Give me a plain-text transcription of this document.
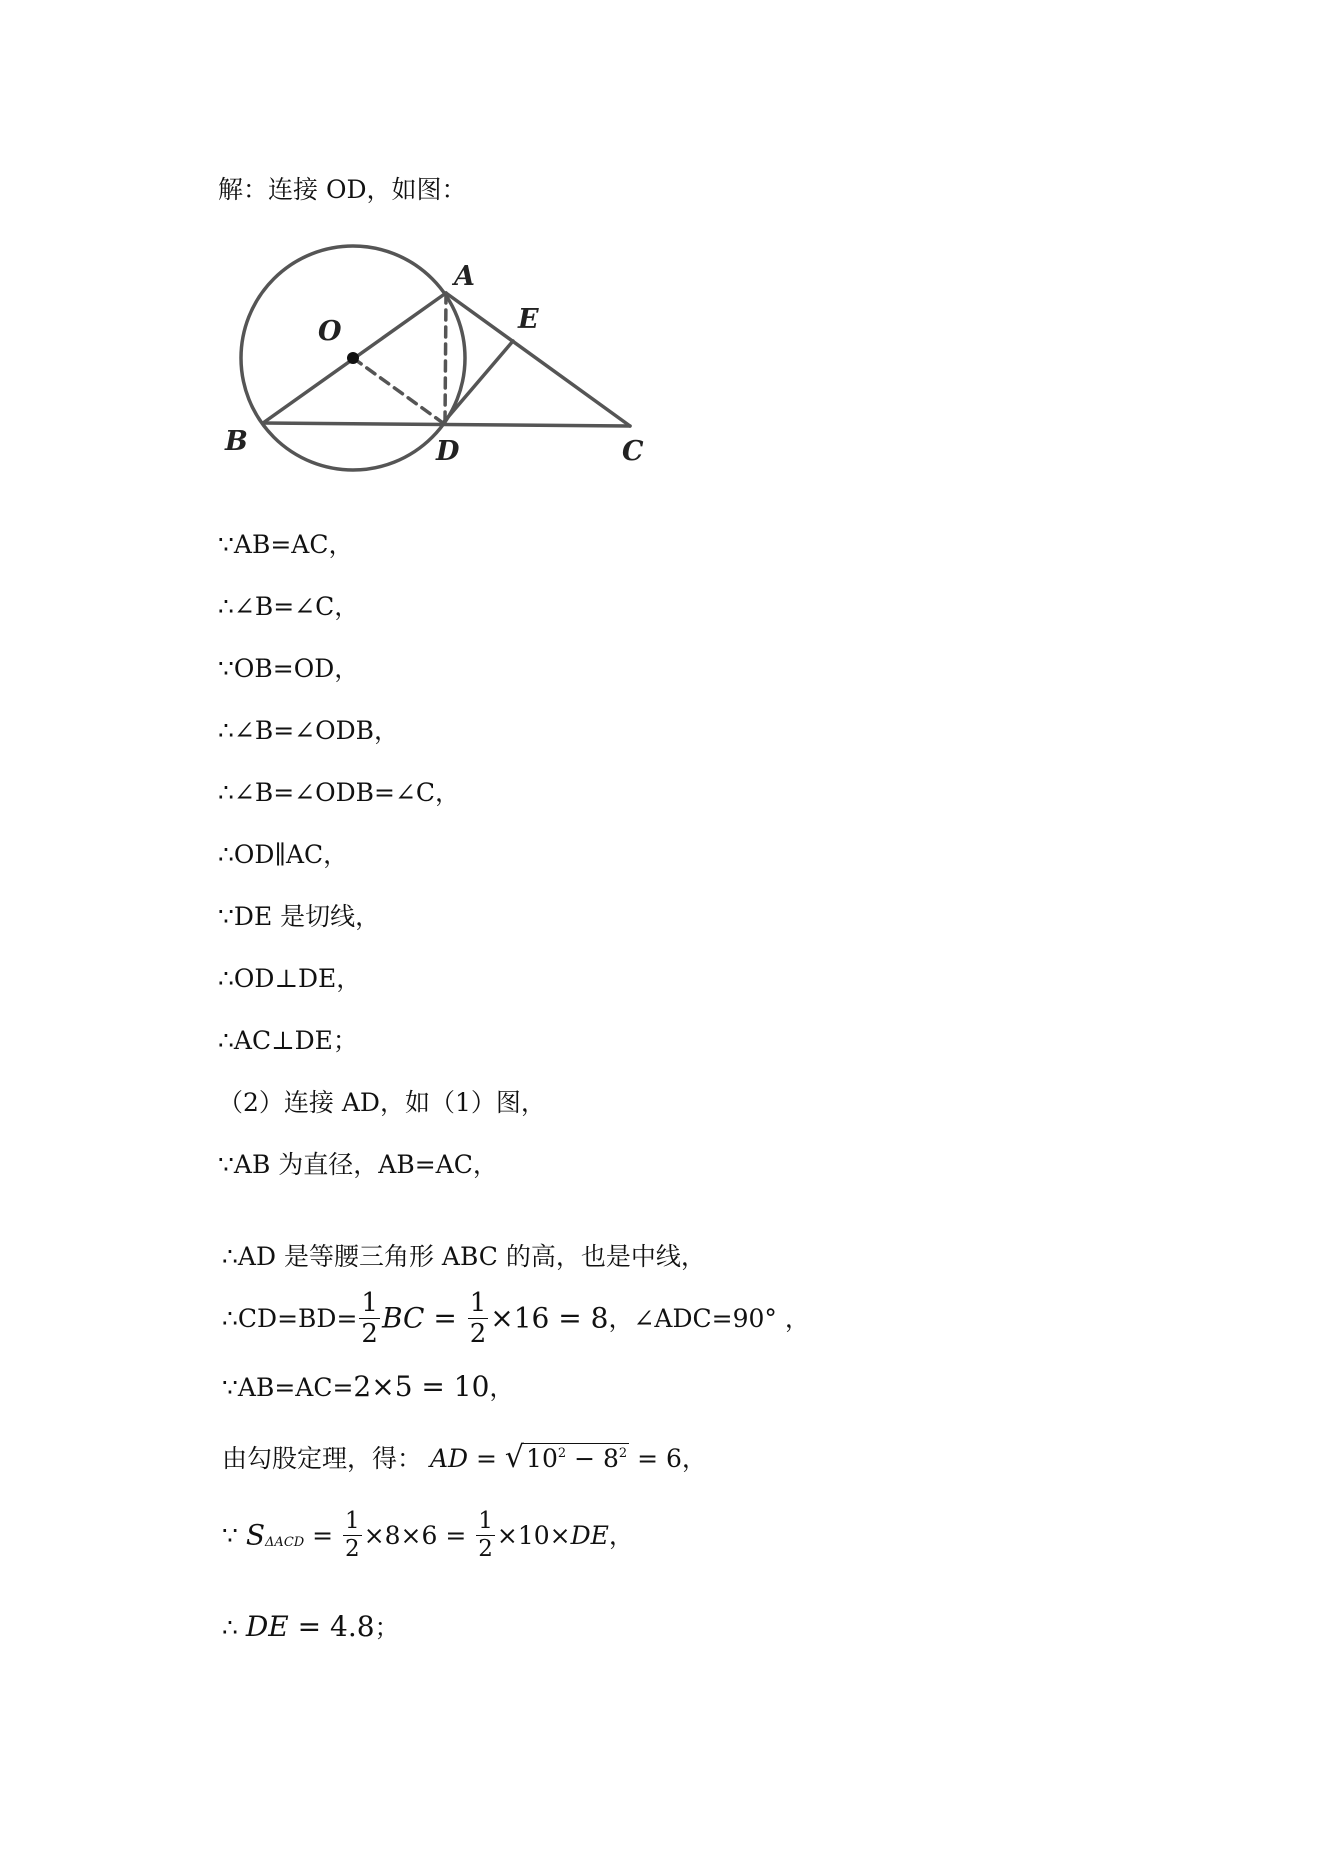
解：连接 OD，如图：
A
E
O
B	D	C
∵AB=AC，
∴∠B=∠C，
∵OB=OD，
∴∠B=∠ODB，
∴∠B=∠ODB=∠C，
∴OD∥AC，
∵DE 是切线，
∴OD⊥DE，
∴AC⊥DE；
（2）连接 AD，如（1）图，
∵AB 为直径，AB=AC，
∴AD 是等腰三角形 ABC 的高，也是中线，
∴CD=BD= $\frac{1}{2}$ BC = $\frac{1}{2} \times 16 = 8$，∠ADC=90° ，
∵AB=AC=2×5 = 10，
由勾股定理，得： AD = $√10^2 - 8^2 = 6$，
∵ $S_{\Delta ACD} = \frac{1}{2} \times 8\times 6 = \frac{1}{2} \times 10\times DE$，
∴ DE = 4.8；
